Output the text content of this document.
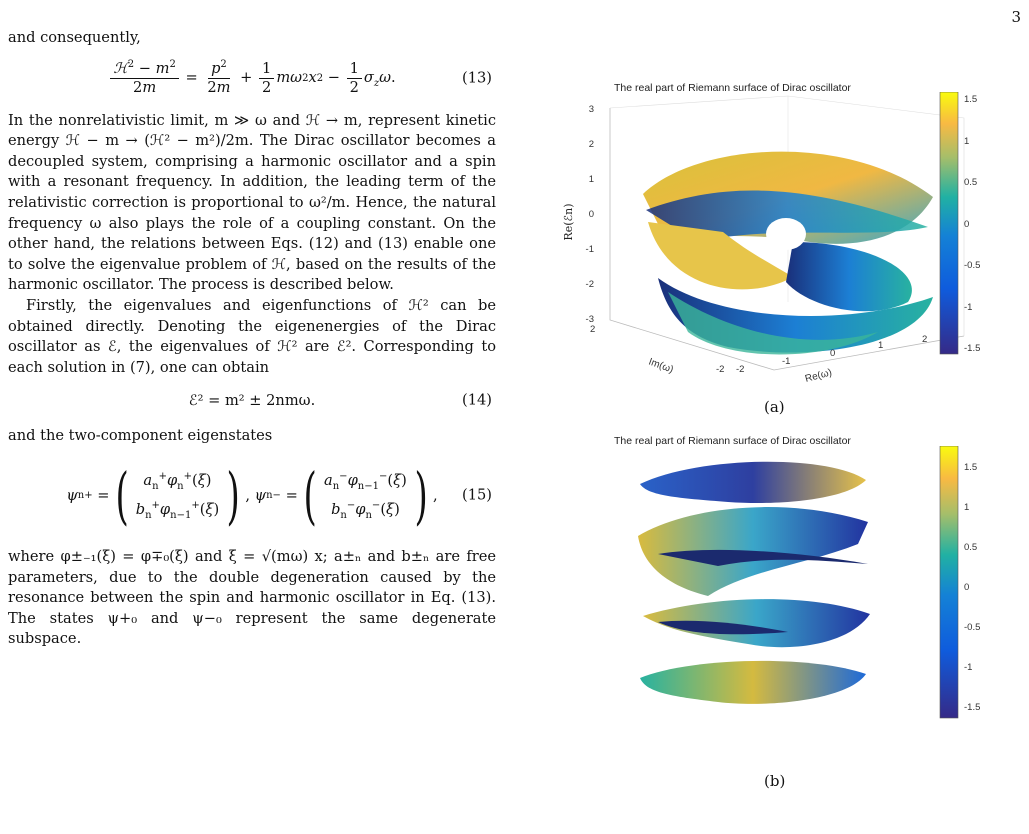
3

and consequently,

$\frac{ℋ^2 - m^2}{2m} = \frac{p^2}{2m} + \frac{1}{2}$ mω 2 x $2 - \frac{1}{2} \sigma_z\omega$ .	(13)

In the nonrelativistic limit, m ≫ ω and ℋ → m, represent kinetic energy ℋ − m → (ℋ² − m²)/2m. The Dirac oscillator becomes a decoupled system, comprising a harmonic oscillator and a spin with a resonant frequency. In addition, the leading term of the relativistic correction is proportional to ω²/m. Hence, the natural frequency ω also plays the role of a coupling constant. On the other hand, the relations between Eqs. (12) and (13) enable one to solve the eigenvalue problem of ℋ, based on the results of the harmonic oscillator. The process is described below.

Firstly, the eigenvalues and eigenfunctions of ℋ² can be obtained directly. Denoting the eigenenergies of the Dirac oscillator as ℰ, the eigenvalues of ℋ² are ℰ². Corresponding to each solution in (7), one can obtain

ℰ² = m² ± 2nmω.	(14)

and the two-component eigenstates

ψ n + = ( $a_n^+\varphi_n^+(\xi)$
$b_n^+\varphi_{n-1}^+(\xi)$ ) , ψ n − = ( $a_n^-\varphi_{n-1}^-(\xi)$
$b_n^-\varphi_n^-(\xi)$ ) , (15)

where φ±₋₁(ξ) = φ∓₀(ξ) and ξ = √(mω) x; a±ₙ and b±ₙ are free parameters, due to the double degeneration caused by the resonance between the spin and harmonic oscillator in Eq. (13). The states ψ+₀ and ψ−₀ represent the same degenerate subspace.

The real part of Riemann surface of Dirac oscillator
3
2
1
0
-1
-2
-3
Re(ℰn)
2
-2
Im(ω)	-2
-1
0
1
2
Re(ω)
1.5
1
0.5
0
-0.5
-1
-1.5
(a)
The real part of Riemann surface of Dirac oscillator
1.5
1
0.5
0
-0.5
-1
-1.5
(b)
